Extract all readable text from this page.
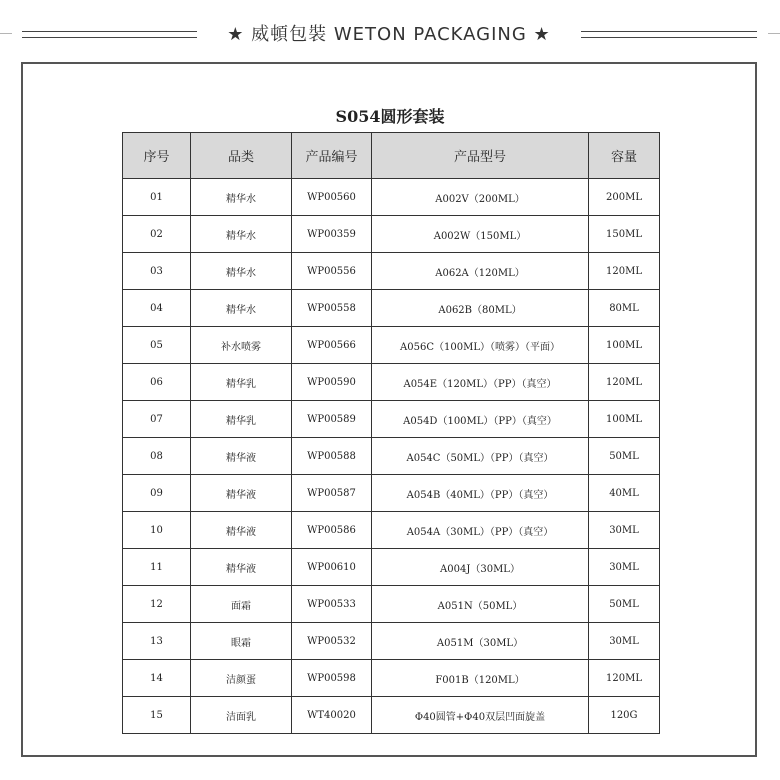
★ 威頓包裝 WETON PACKAGING ★
S054圆形套装
序号	品类	产品编号	产品型号	容量
01	精华水	WP00560	A002V（200ML）	200ML
02	精华水	WP00359	A002W（150ML）	150ML
03	精华水	WP00556	A062A（120ML）	120ML
04	精华水	WP00558	A062B（80ML）	80ML
05	补水喷雾	WP00566	A056C（100ML）（喷雾）（平面）	100ML
06	精华乳	WP00590	A054E（120ML）（PP）（真空）	120ML
07	精华乳	WP00589	A054D（100ML）（PP）（真空）	100ML
08	精华液	WP00588	A054C（50ML）（PP）（真空）	50ML
09	精华液	WP00587	A054B（40ML）（PP）（真空）	40ML
10	精华液	WP00586	A054A（30ML）（PP）（真空）	30ML
11	精华液	WP00610	A004J（30ML）	30ML
12	面霜	WP00533	A051N（50ML）	50ML
13	眼霜	WP00532	A051M（30ML）	30ML
14	洁颜蛋	WP00598	F001B（120ML）	120ML
15	洁面乳	WT40020	Φ40圆管+Φ40双层凹面旋盖	120G
